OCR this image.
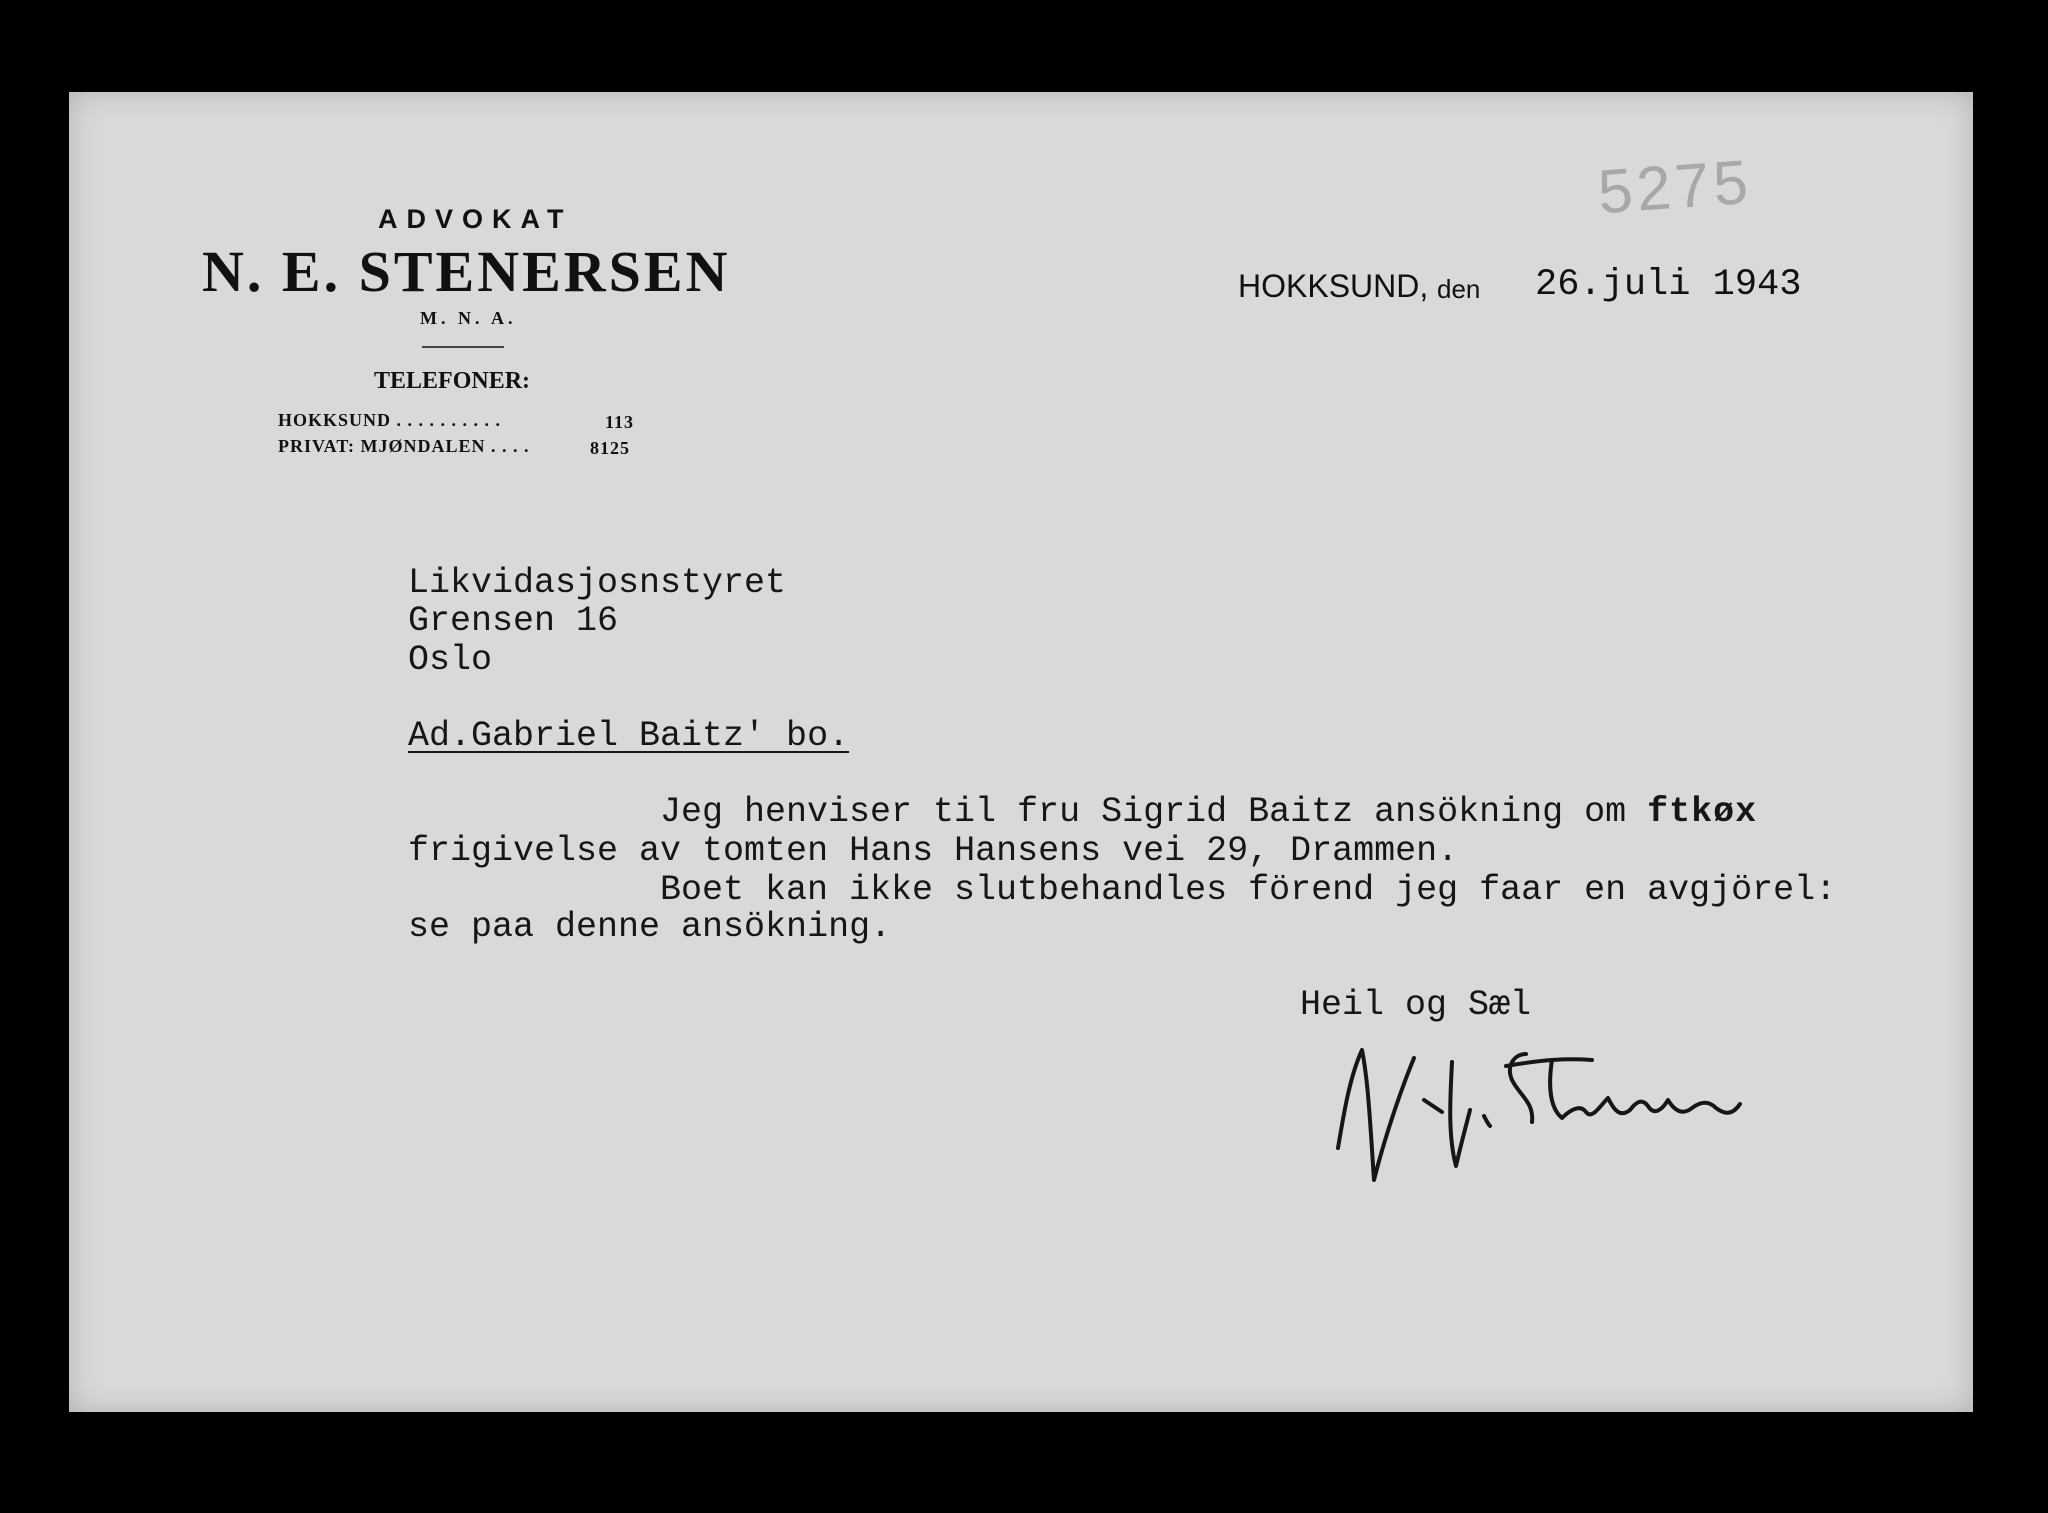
ADVOKAT
N. E. STENERSEN
M. N. A.
TELEFONER:
HOKKSUND . . . . . . . . . .	113
PRIVAT: MJØNDALEN . . . .	8125
HOKKSUND, den 26.juli 1943
5275
Likvidasjosnstyret
Grensen 16
Oslo
Ad.Gabriel Baitz' bo.
Jeg henviser til fru Sigrid Baitz ansökning om ftkøx
frigivelse av tomten Hans Hansens vei 29, Drammen.
Boet kan ikke slutbehandles förend jeg faar en avgjörel:
se paa denne ansökning.
Heil og Sæl
